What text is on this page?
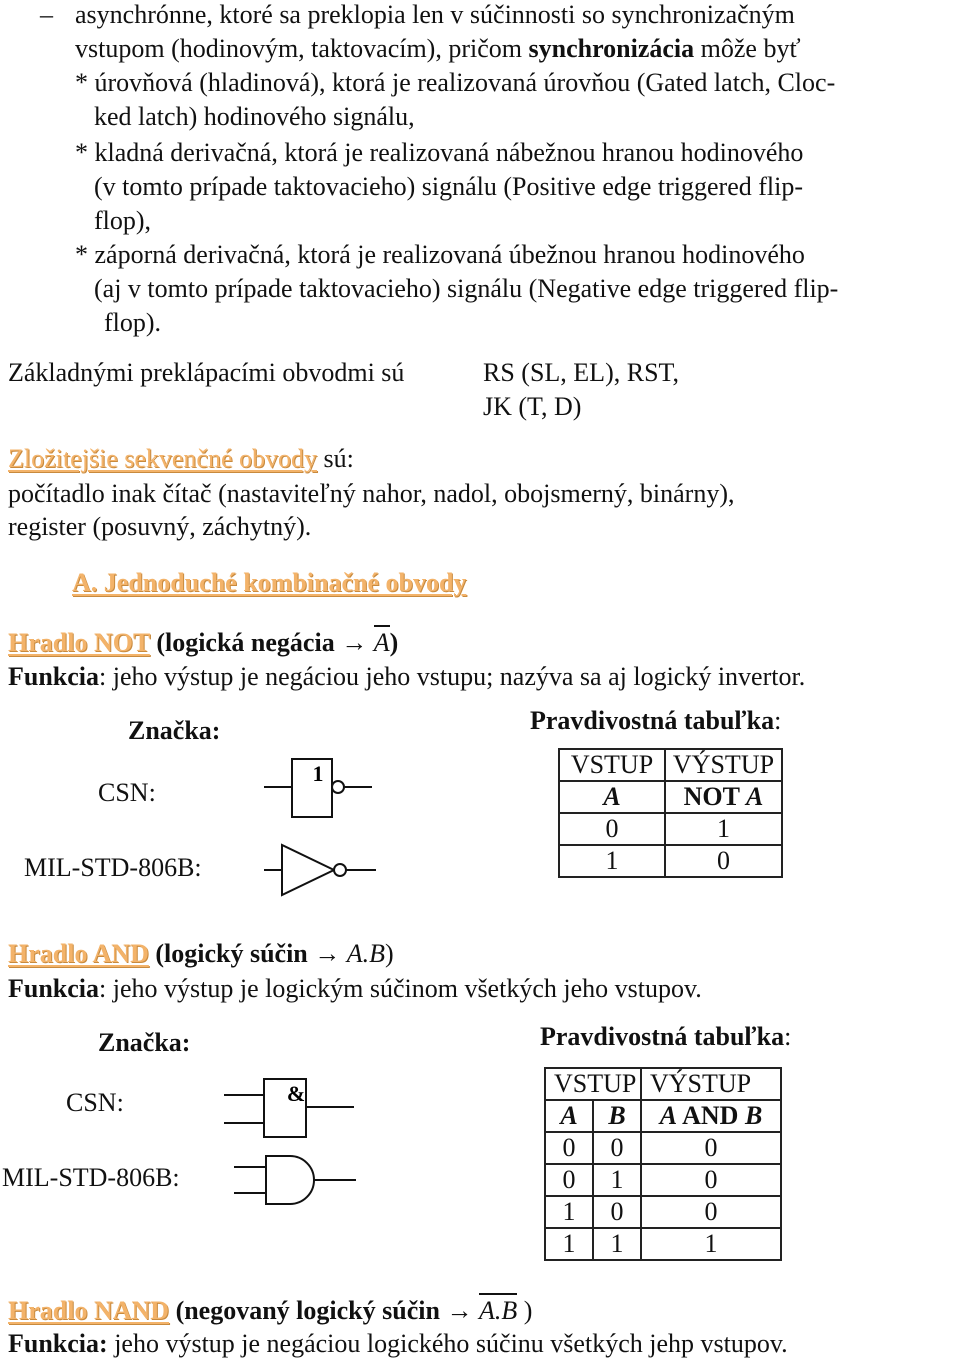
– asynchrónne, ktoré sa preklopia len v súčinnosti so synchronizačným
vstupom (hodinovým, taktovacím), pričom synchronizácia môže byť
* úrovňová (hladinová), ktorá je realizovaná úrovňou (Gated latch, Cloc-
ked latch) hodinového signálu,
* kladná derivačná, ktorá je realizovaná nábežnou hranou hodinového
(v tomto prípade taktovacieho) signálu (Positive edge triggered flip-
flop),
* záporná derivačná, ktorá je realizovaná úbežnou hranou hodinového
(aj v tomto prípade taktovacieho) signálu (Negative edge triggered flip-
flop).
Základnými preklápacími obvodmi sú	RS (SL, EL), RST,
JK (T, D)
Zložitejšie sekvenčné obvody sú:
počítadlo inak čítač (nastaviteľný nahor, nadol, obojsmerný, binárny),
register (posuvný, záchytný).
A. Jednoduché kombinačné obvody
Hradlo NOT (logická negácia → A)
Funkcia: jeho výstup je negáciou jeho vstupu; nazýva sa aj logický invertor.
Značka:
CSN:
MIL-STD-806B:
1
Pravdivostná tabuľka:
VSTUP	VÝSTUP
A	NOT A
0	1
1	0
Hradlo AND (logický súčin → A.B)
Funkcia: jeho výstup je logickým súčinom všetkých jeho vstupov.
Značka:
CSN:
MIL-STD-806B:
&
Pravdivostná tabuľka:
VSTUP		VÝSTUP
A	B	A AND B
0	0	0
0	1	0
1	0	0
1	1	1
Hradlo NAND (negovaný logický súčin → A.B )
Funkcia: jeho výstup je negáciou logického súčinu všetkých jehp vstupov.
